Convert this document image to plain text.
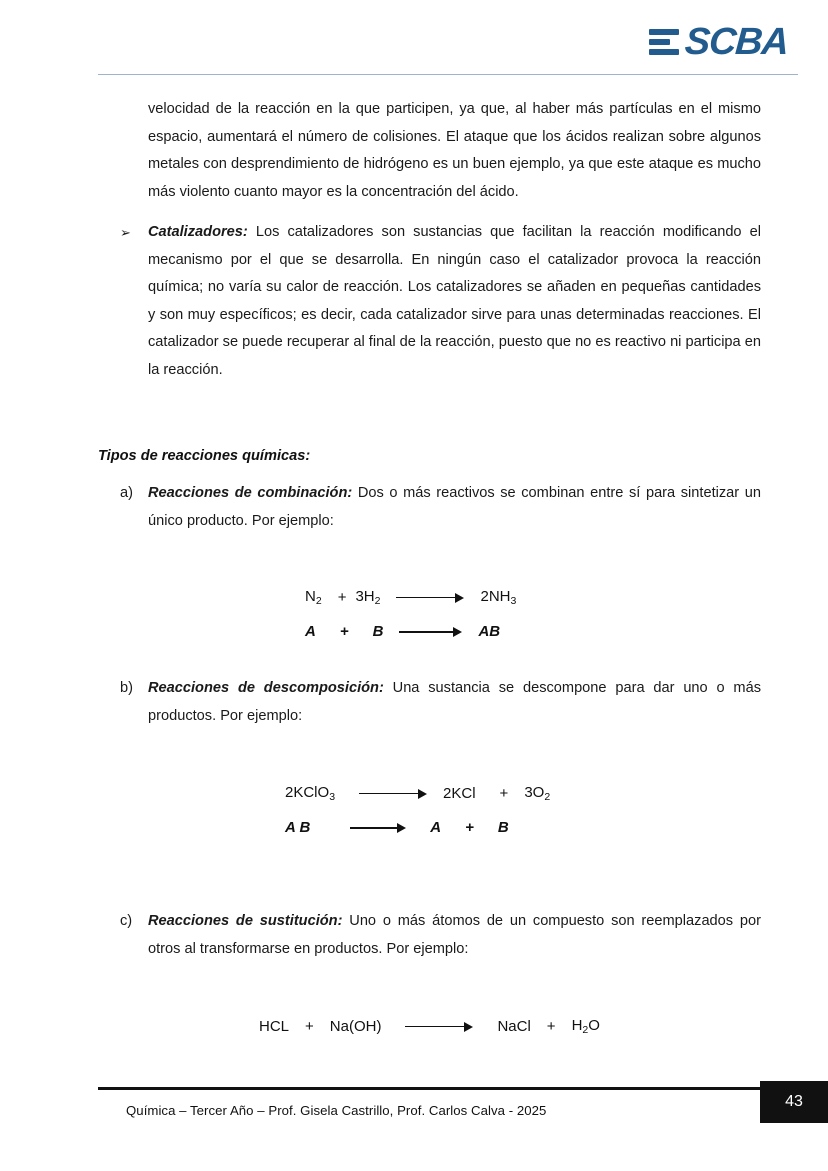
SCBA

velocidad de la reacción en la que participen, ya que, al haber más partículas en el mismo espacio, aumentará el número de colisiones. El ataque que los ácidos realizan sobre algunos metales con desprendimiento de hidrógeno es un buen ejemplo, ya que este ataque es mucho más violento cuanto mayor es la concentración del ácido.

➢	Catalizadores: Los catalizadores son sustancias que facilitan la reacción modificando el mecanismo por el que se desarrolla. En ningún caso el catalizador provoca la reacción química; no varía su calor de reacción. Los catalizadores se añaden en pequeñas cantidades y son muy específicos; es decir, cada catalizador sirve para unas determinadas reacciones. El catalizador se puede recuperar al final de la reacción, puesto que no es reactivo ni participa en la reacción.

Tipos de reacciones químicas:
a)	Reacciones de combinación: Dos o más reactivos se combinan entre sí para sintetizar un único producto. Por ejemplo:

$N_2 + 3H_2$	$2NH_3$
A + B	AB
b)	Reacciones de descomposición: Una sustancia se descompone para dar uno o más productos. Por ejemplo:

2KClO$_3$	$2KCl + 3O_2$
A B	A + B
c)	Reacciones de sustitución: Uno o más átomos de un compuesto son reemplazados por otros al transformarse en productos. Por ejemplo:

HCL + Na(OH)	NaCl + $H_2O$
Química – Tercer Año – Prof. Gisela Castrillo, Prof. Carlos Calva - 2025
43
